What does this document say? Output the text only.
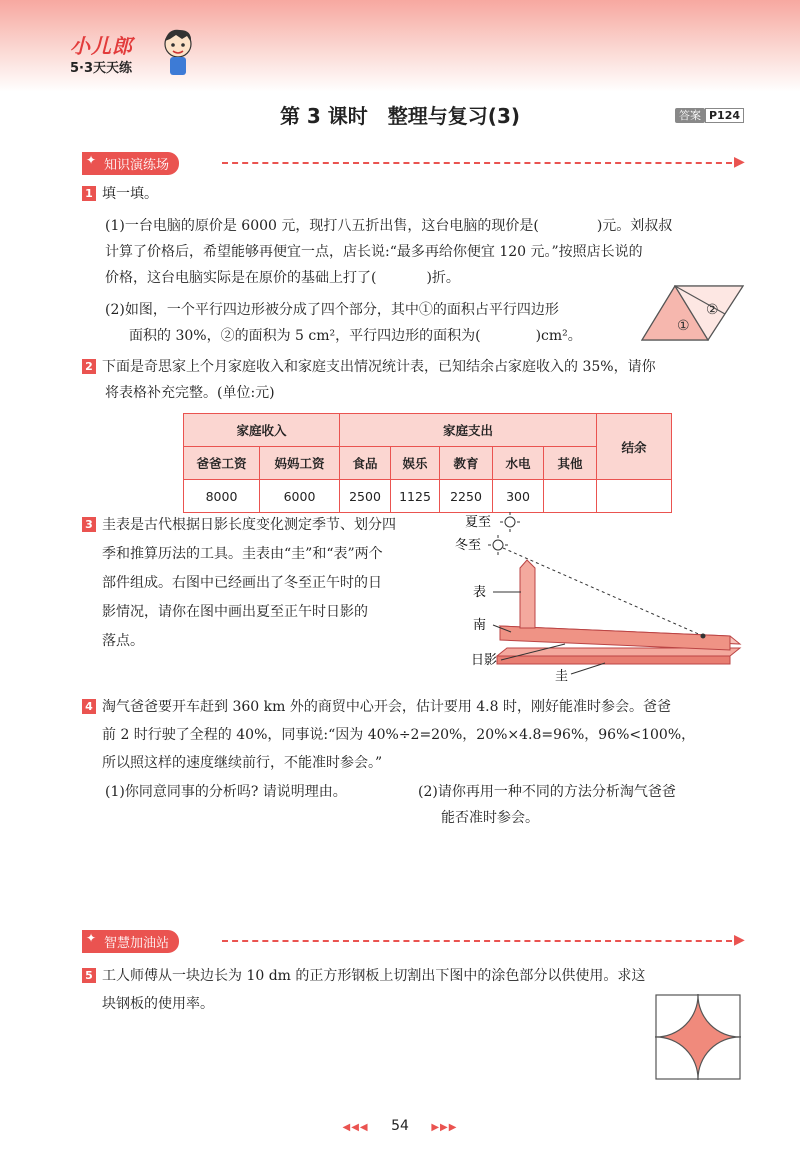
小儿郎
5·3天天练
第 3 课时　整理与复习(3)	答案 P124
✦ 知识演练场	▶
1 填一填。
(1)一台电脑的原价是 6000 元，现打八五折出售，这台电脑的现价是(	)元。刘叔叔
计算了价格后，希望能够再便宜一点，店长说:“最多再给你便宜 120 元。”按照店长说的
价格，这台电脑实际是在原价的基础上打了(	)折。
(2)如图，一个平行四边形被分成了四个部分，其中①的面积占平行四边形
面积的 30%，②的面积为 5 cm²，平行四边形的面积为(	)cm²。
①
②
2 下面是奇思家上个月家庭收入和家庭支出情况统计表，已知结余占家庭收入的 35%，请你
将表格补充完整。(单位:元)
家庭收入		家庭支出					结余
爸爸工资	妈妈工资	食品	娱乐	教育	水电	其他	
8000	6000	2500	1125	2250	300		
3 圭表是古代根据日影长度变化测定季节、划分四
季和推算历法的工具。圭表由“圭”和“表”两个
部件组成。右图中已经画出了冬至正午时的日
影情况，请你在图中画出夏至正午时日影的
落点。
夏至
冬至
表
南
日影
圭
4 淘气爸爸要开车赶到 360 km 外的商贸中心开会，估计要用 4.8 时，刚好能准时参会。爸爸
前 2 时行驶了全程的 40%，同事说:“因为 40%÷2=20%，20%×4.8=96%，96%<100%，
所以照这样的速度继续前行，不能准时参会。”
(1)你同意同事的分析吗? 请说明理由。	(2)请你再用一种不同的方法分析淘气爸爸
能否准时参会。
✦ 智慧加油站	▶
5 工人师傅从一块边长为 10 dm 的正方形钢板上切割出下图中的涂色部分以供使用。求这
块钢板的使用率。
◀◀◀ 54 ▶▶▶
